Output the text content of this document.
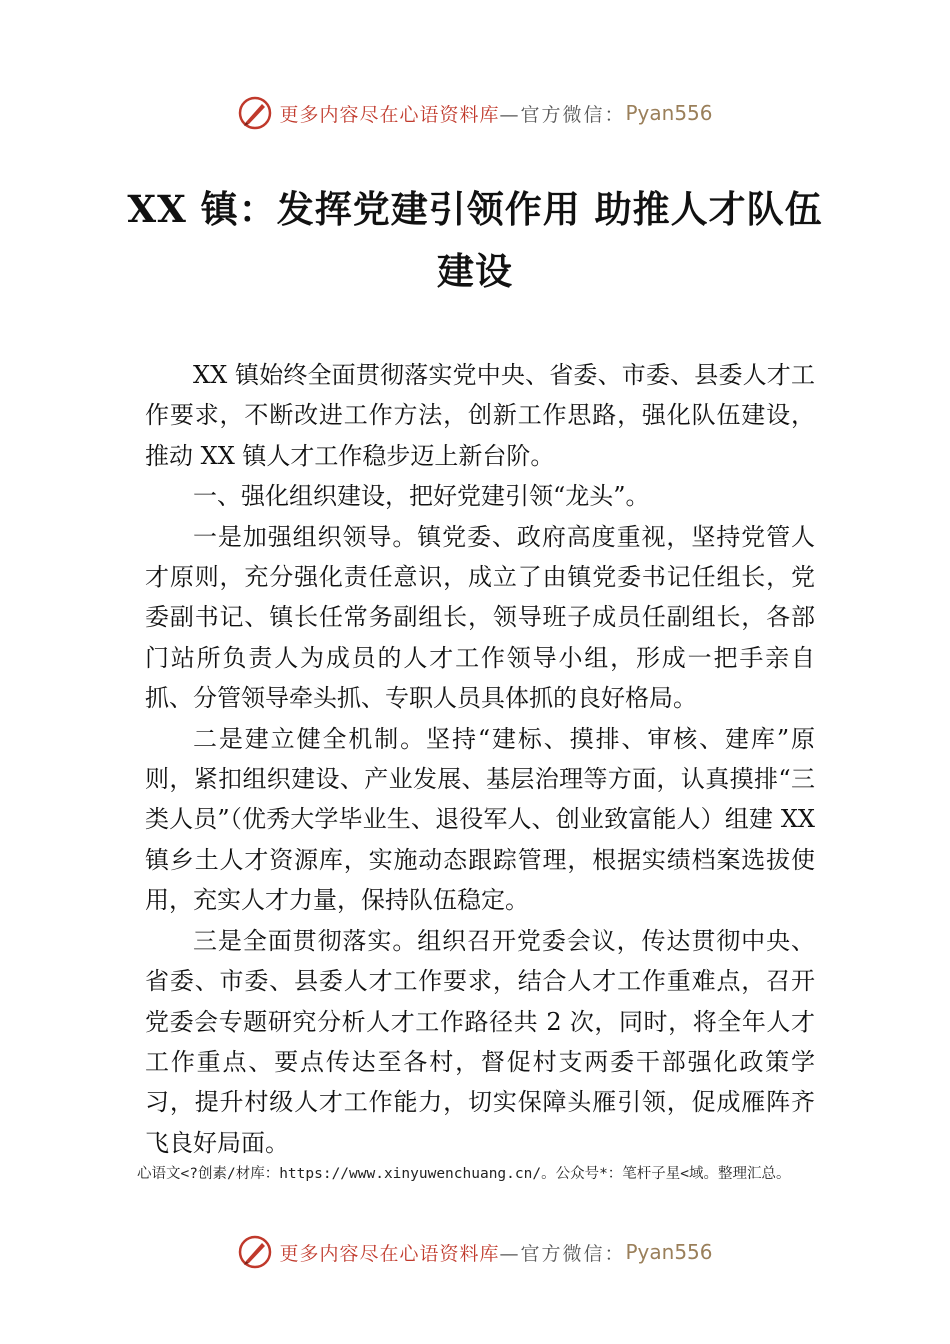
更多内容尽在心语资料库 —官方微信： Pyan556
XX 镇：发挥党建引领作用 助推人才队伍
建设

XX 镇始终全面贯彻落实党中央、省委、市委、县委人才工作要求，不断改进工作方法，创新工作思路，强化队伍建设，推动 XX 镇人才工作稳步迈上新台阶。

一、强化组织建设，把好党建引领“龙头”。

一是加强组织领导。镇党委、政府高度重视，坚持党管人才原则，充分强化责任意识，成立了由镇党委书记任组长，党委副书记、镇长任常务副组长，领导班子成员任副组长，各部门站所负责人为成员的人才工作领导小组，形成一把手亲自抓、分管领导牵头抓、专职人员具体抓的良好格局。

二是建立健全机制。坚持“建标、摸排、审核、建库”原则，紧扣组织建设、产业发展、基层治理等方面，认真摸排“三类人员”（优秀大学毕业生、退役军人、创业致富能人）组建 XX 镇乡土人才资源库，实施动态跟踪管理，根据实绩档案选拔使用，充实人才力量，保持队伍稳定。

三是全面贯彻落实。组织召开党委会议，传达贯彻中央、省委、市委、县委人才工作要求，结合人才工作重难点，召开党委会专题研究分析人才工作路径共 2 次，同时，将全年人才工作重点、要点传达至各村，督促村支两委干部强化政策学习，提升村级人才工作能力，切实保障头雁引领，促成雁阵齐飞良好局面。

心语文<?创素/材库：https://www.xinyuwenchuang.cn/。公众号*：笔杆子星<域。整理汇总。
更多内容尽在心语资料库 —官方微信： Pyan556
